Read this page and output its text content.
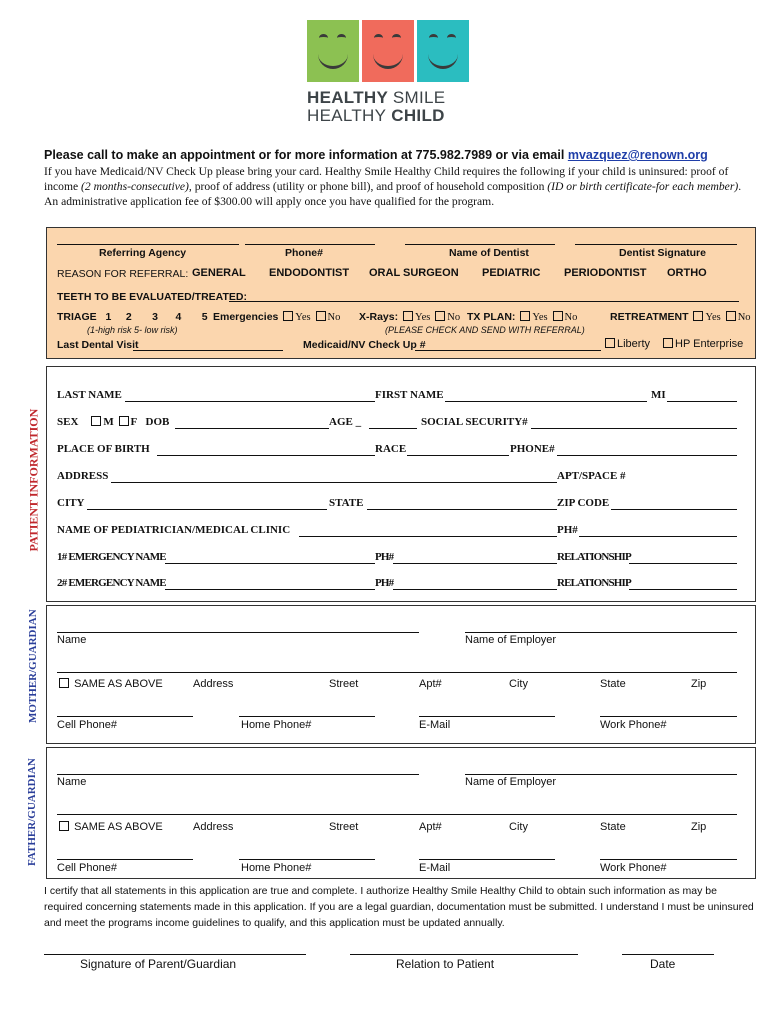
HEALTHY SMILE
HEALTHY CHILD
Please call to make an appointment or for more information at 775.982.7989 or via email mvazquez@renown.org
If you have Medicaid/NV Check Up please bring your card. Healthy Smile Healthy Child requires the following if your child is uninsured: proof of income (2 months-consecutive), proof of address (utility or phone bill), and proof of household composition (ID or birth certificate-for each member). An administrative application fee of $300.00 will apply once you have qualified for the program.
Referring Agency	Phone#	Name of Dentist	Dentist Signature
REASON FOR REFERRAL: GENERAL ENDODONTIST ORAL SURGEON PEDIATRIC PERIODONTIST ORTHO
TEETH TO BE EVALUATED/TREATED:
TRIAGE 1 2 3 4 5 Emergencies Yes No X-Rays: Yes No TX PLAN: Yes No	RETREATMENT Yes No
(1-high risk 5- low risk)	(PLEASE CHECK AND SEND WITH REFERRAL)
Last Dental Visit	Medicaid/NV Check Up #	Liberty	HP Enterprise
PATIENT INFORMATION
LAST NAME	FIRST NAME	MI
SEX M F DOB	AGE _	SOCIAL SECURITY#
PLACE OF BIRTH	RACE	PHONE#
ADDRESS	APT/SPACE #
CITY	STATE	ZIP CODE
NAME OF PEDIATRICIAN/MEDICAL CLINIC	PH#
1# EMERGENCY NAME	PH#	RELATIONSHIP
2# EMERGENCY NAME	PH#	RELATIONSHIP
MOTHER/GUARDIAN Name	Name of Employer
SAME AS ABOVE	Address	Street	Apt#	City	State	Zip
Cell Phone#	Home Phone#	E-Mail	Work Phone#
FATHER/GUARDIAN Name	Name of Employer
SAME AS ABOVE	Address	Street	Apt#	City	State	Zip
Cell Phone#	Home Phone#	E-Mail	Work Phone#
I certify that all statements in this application are true and complete. I authorize Healthy Smile Healthy Child to obtain such information as may be required concerning statements made in this application. If you are a legal guardian, documentation must be submitted. I understand I must be uninsured and meet the programs income guidelines to qualify, and this application must be updated annually.
Signature of Parent/Guardian	Relation to Patient	Date
